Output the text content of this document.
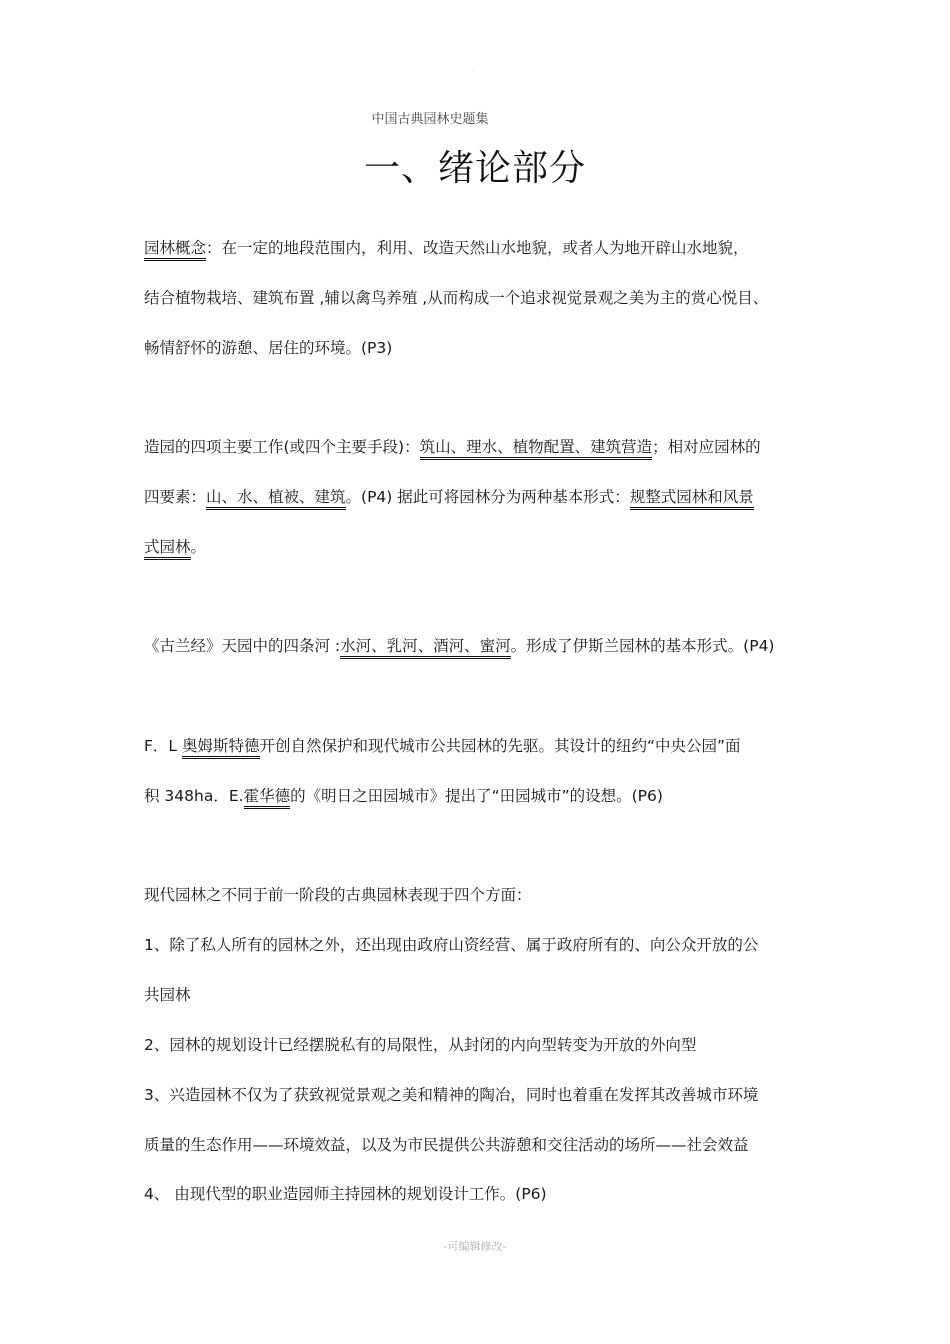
.
中国古典园林史题集
一、绪论部分
园林概念：在一定的地段范围内，利用、改造天然山水地貌，或者人为地开辟山水地貌，
结合植物栽培、建筑布置 ,辅以禽鸟养殖 ,从而构成一个追求视觉景观之美为主的赏心悦目、
畅情舒怀的游憩、居住的环境。(P3)
造园的四项主要工作(或四个主要手段)：筑山、理水、植物配置、建筑营造；相对应园林的
四要素：山、水、植被、建筑。(P4) 据此可将园林分为两种基本形式：规整式园林和风景
式园林。
《古兰经》天园中的四条河 :水河、乳河、酒河、蜜河。形成了伊斯兰园林的基本形式。(P4)
F．L 奥姆斯特德开创自然保护和现代城市公共园林的先驱。其设计的纽约“中央公园”面
积 348ha．E.霍华德的《明日之田园城市》提出了“田园城市”的设想。(P6)
现代园林之不同于前一阶段的古典园林表现于四个方面：
1、除了私人所有的园林之外，还出现由政府山资经营、属于政府所有的、向公众开放的公
共园林
2、园林的规划设计已经摆脱私有的局限性，从封闭的内向型转变为开放的外向型
3、兴造园林不仅为了获致视觉景观之美和精神的陶冶，同时也着重在发挥其改善城市环境
质量的生态作用——环境效益，以及为市民提供公共游憩和交往活动的场所——社会效益
4、 由现代型的职业造园师主持园林的规划设计工作。(P6)
-可编辑修改-
